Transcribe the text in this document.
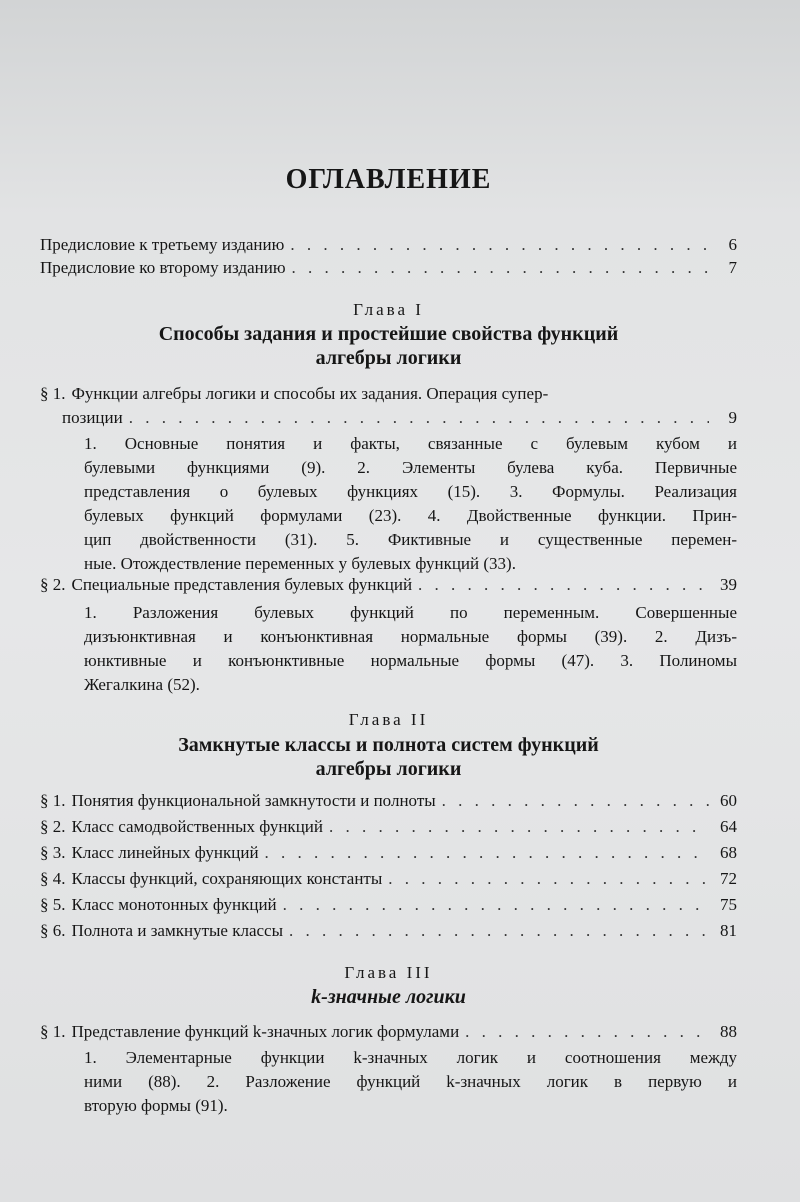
ОГЛАВЛЕНИЕ
Предисловие к третьему изданию . . .	6
Предисловие ко второму изданию . . .	7
Глава I
Способы задания и простейшие свойства функций
алгебры логики
§ 1. Функции алгебры логики и способы их задания. Операция супер-
позиции . . .	9
1. Основные понятия и факты, связанные с булевым кубом и
булевыми функциями (9). 2. Элементы булева куба. Первичные
представления о булевых функциях (15). 3. Формулы. Реализация
булевых функций формулами (23). 4. Двойственные функции. Прин-
цип двойственности (31). 5. Фиктивные и существенные перемен-
ные. Отождествление переменных у булевых функций (33).
§ 2. Специальные представления булевых функций . . .	39
1. Разложения булевых функций по переменным. Совершенные
дизъюнктивная и конъюнктивная нормальные формы (39). 2. Дизъ-
юнктивные и конъюнктивные нормальные формы (47). 3. Полиномы
Жегалкина (52).
Глава II
Замкнутые классы и полнота систем функций
алгебры логики
§ 1. Понятия функциональной замкнутости и полноты . . .	60
§ 2. Класс самодвойственных функций . . .	64
§ 3. Класс линейных функций . . .	68
§ 4. Классы функций, сохраняющих константы . . .	72
§ 5. Класс монотонных функций . . .	75
§ 6. Полнота и замкнутые классы . . .	81
Глава III
k-значные логики
§ 1. Представление функций k-значных логик формулами . . .	88
1. Элементарные функции k-значных логик и соотношения между
ними (88). 2. Разложение функций k-значных логик в первую и
вторую формы (91).
